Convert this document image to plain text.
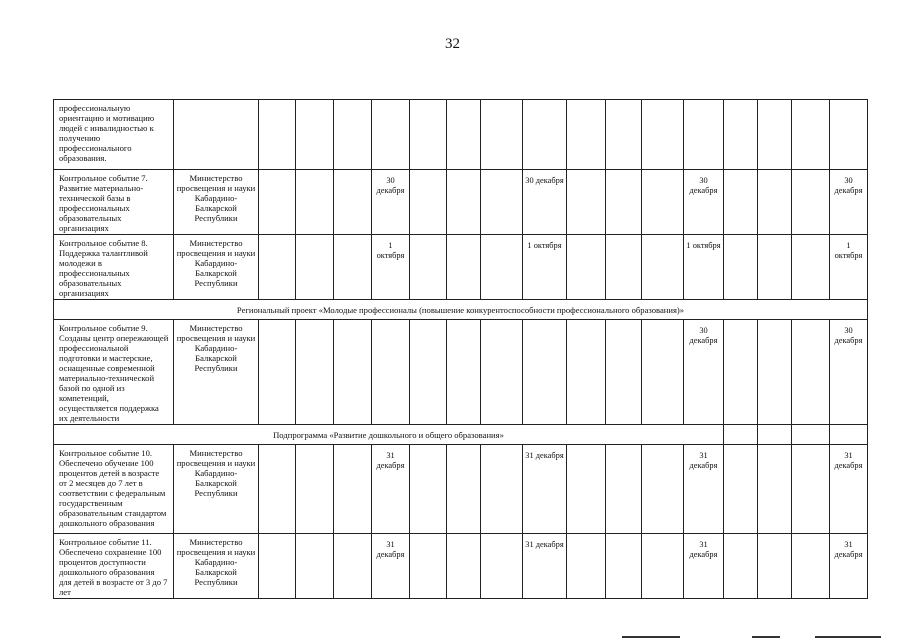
32
профессиональную ориентацию и мотивацию людей с инвалидностью к получению профессионального образования.																	
Контрольное событие 7. Развитие материально-технической базы в профессиональных образовательных организациях	Министерство просвещения и науки Кабардино-Балкарской Республики				30 декабря				30 декабря				30 декабря				30 декабря
Контрольное событие 8. Поддержка талантливой молодежи в профессиональных образовательных организациях	Министерство просвещения и науки Кабардино-Балкарской Республики				1 октября				1 октября				1 октября				1 октября
Региональный проект «Молодые профессионалы (повышение конкурентоспособности профессионального образования)»																	
Контрольное событие 9. Созданы центр опережающей профессиональной подготовки и мастерские, оснащенные современной материально-технической базой по одной из компетенций, осуществляется поддержка их деятельности	Министерство просвещения и науки Кабардино-Балкарской Республики												30 декабря				30 декабря
Подпрограмма «Развитие дошкольного и общего образования»																	
Контрольное событие 10. Обеспечено обучение 100 процентов детей в возрасте от 2 месяцев до 7 лет в соответствии с федеральным государственным образовательным стандартом дошкольного образования	Министерство просвещения и науки Кабардино-Балкарской Республики				31 декабря				31 декабря				31 декабря				31 декабря
Контрольное событие 11. Обеспечено сохранение 100 процентов доступности дошкольного образования для детей в возрасте от 3 до 7 лет	Министерство просвещения и науки Кабардино-Балкарской Республики				31 декабря				31 декабря				31 декабря				31 декабря
